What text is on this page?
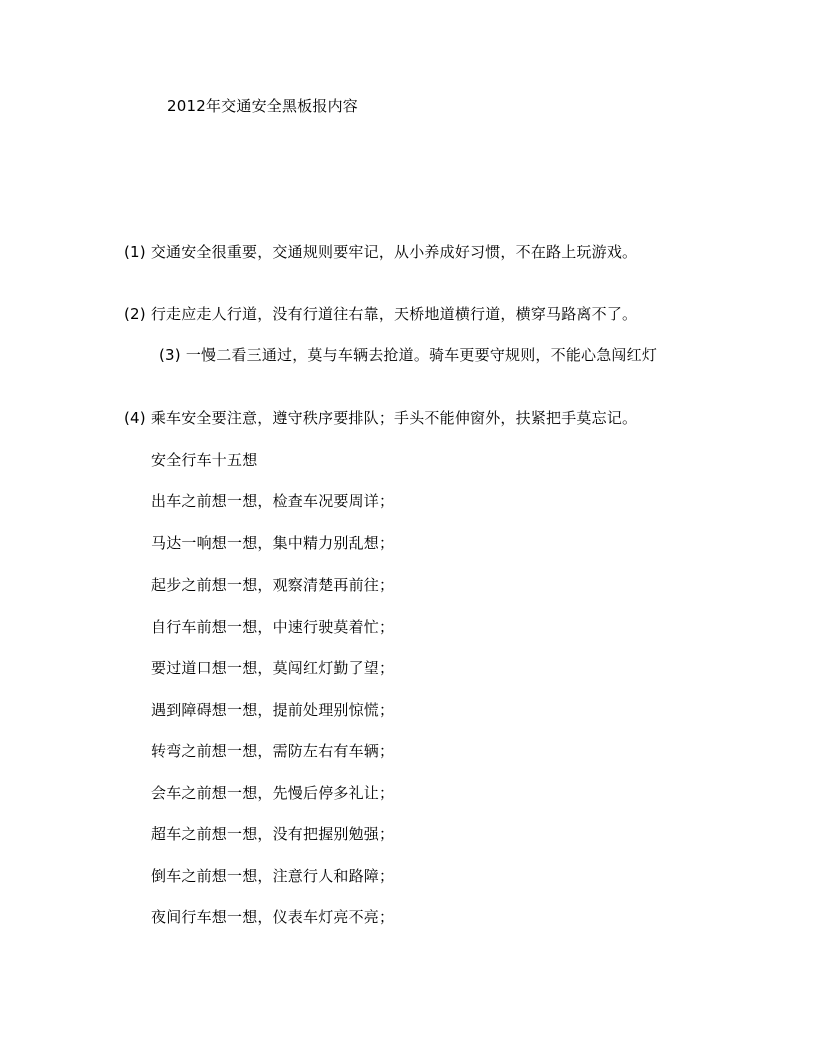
2012年交通安全黑板报内容
(1) 交通安全很重要，交通规则要牢记，从小养成好习惯，不在路上玩游戏。
(2) 行走应走人行道，没有行道往右靠，天桥地道横行道，横穿马路离不了。
(3) 一慢二看三通过，莫与车辆去抢道。骑车更要守规则，不能心急闯红灯
(4) 乘车安全要注意，遵守秩序要排队；手头不能伸窗外，扶紧把手莫忘记。
安全行车十五想
出车之前想一想，检查车况要周详；
马达一响想一想，集中精力别乱想；
起步之前想一想，观察清楚再前往；
自行车前想一想，中速行驶莫着忙；
要过道口想一想，莫闯红灯勤了望；
遇到障碍想一想，提前处理别惊慌；
转弯之前想一想，需防左右有车辆；
会车之前想一想，先慢后停多礼让；
超车之前想一想，没有把握别勉强；
倒车之前想一想，注意行人和路障；
夜间行车想一想，仪表车灯亮不亮；
